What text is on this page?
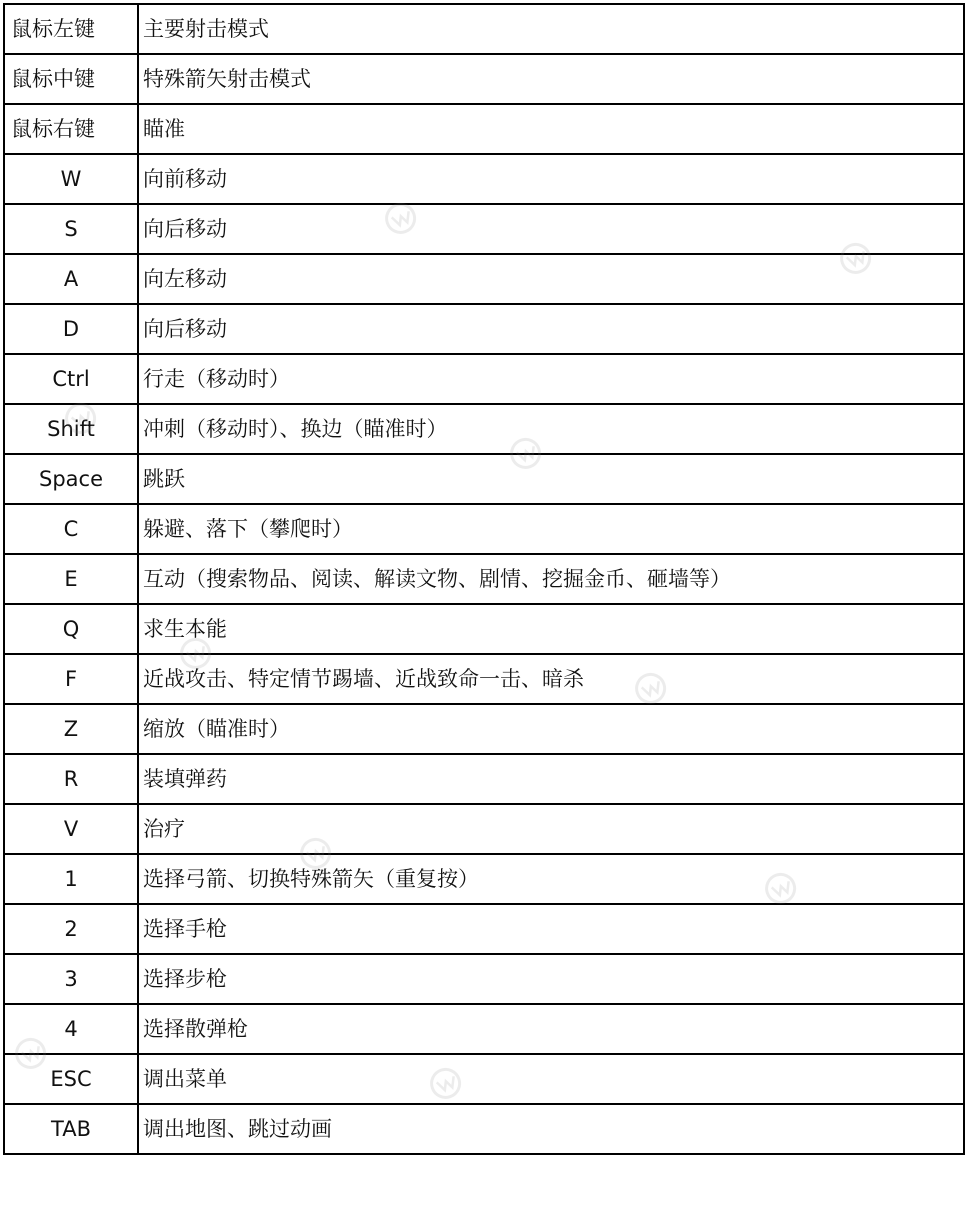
鼠标左键	主要射击模式
鼠标中键	特殊箭矢射击模式
鼠标右键	瞄准
W	向前移动
S	向后移动
A	向左移动
D	向后移动
Ctrl	行走（移动时）
Shift	冲刺（移动时）、换边（瞄准时）
Space	跳跃
C	躲避、落下（攀爬时）
E	互动（搜索物品、阅读、解读文物、剧情、挖掘金币、砸墙等）
Q	求生本能
F	近战攻击、特定情节踢墙、近战致命一击、暗杀
Z	缩放（瞄准时）
R	装填弹药
V	治疗
1	选择弓箭、切换特殊箭矢（重复按）
2	选择手枪
3	选择步枪
4	选择散弹枪
ESC	调出菜单
TAB	调出地图、跳过动画
